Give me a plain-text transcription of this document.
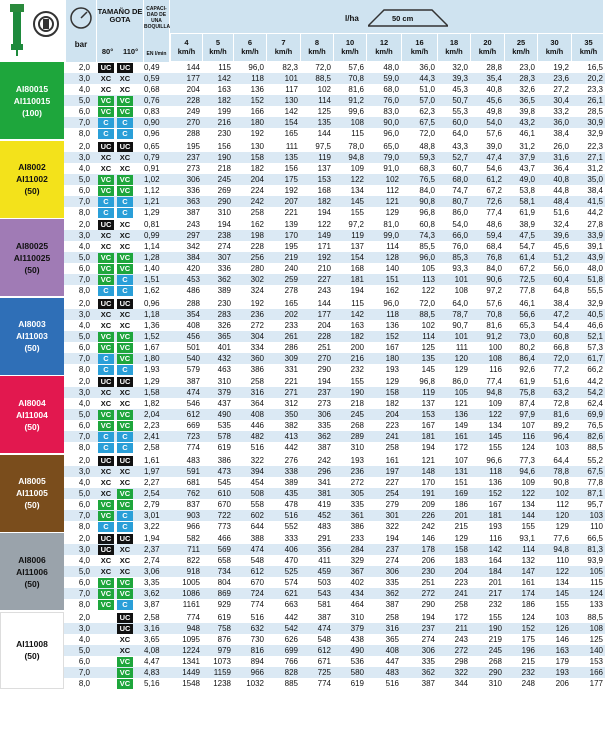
bar
TAMAÑO DE GOTA
80° 110°
CAPACI-DAD DE UNA BOQUILLA
EN l/min
l/ha	50 cm
4
km/h
5
km/h
6
km/h
7
km/h
8
km/h
10
km/h
12
km/h
16
km/h
18
km/h
20
km/h
25
km/h
30
km/h
35
km/h
AI80015
AI110015
(100)
2,0	UC	UC	0,49	144	115	96,0	82,3	72,0	57,6	48,0	36,0	32,0	28,8	23,0	19,2	16,5
3,0	XC	XC	0,59	177	142	118	101	88,5	70,8	59,0	44,3	39,3	35,4	28,3	23,6	20,2
4,0	XC	XC	0,68	204	163	136	117	102	81,6	68,0	51,0	45,3	40,8	32,6	27,2	23,3
5,0	VC	VC	0,76	228	182	152	130	114	91,2	76,0	57,0	50,7	45,6	36,5	30,4	26,1
6,0	VC	VC	0,83	249	199	166	142	125	99,6	83,0	62,3	55,3	49,8	39,8	33,2	28,5
7,0	C	C	0,90	270	216	180	154	135	108	90,0	67,5	60,0	54,0	43,2	36,0	30,9
8,0	C	C	0,96	288	230	192	165	144	115	96,0	72,0	64,0	57,6	46,1	38,4	32,9
AI8002
AI11002
(50)
2,0	UC	UC	0,65	195	156	130	111	97,5	78,0	65,0	48,8	43,3	39,0	31,2	26,0	22,3
3,0	XC	XC	0,79	237	190	158	135	119	94,8	79,0	59,3	52,7	47,4	37,9	31,6	27,1
4,0	XC	XC	0,91	273	218	182	156	137	109	91,0	68,3	60,7	54,6	43,7	36,4	31,2
5,0	VC	VC	1,02	306	245	204	175	153	122	102	76,5	68,0	61,2	49,0	40,8	35,0
6,0	VC	VC	1,12	336	269	224	192	168	134	112	84,0	74,7	67,2	53,8	44,8	38,4
7,0	C	C	1,21	363	290	242	207	182	145	121	90,8	80,7	72,6	58,1	48,4	41,5
8,0	C	C	1,29	387	310	258	221	194	155	129	96,8	86,0	77,4	61,9	51,6	44,2
AI80025
AI110025
(50)
2,0	UC	XC	0,81	243	194	162	139	122	97,2	81,0	60,8	54,0	48,6	38,9	32,4	27,8
3,0	XC	XC	0,99	297	238	198	170	149	119	99,0	74,3	66,0	59,4	47,5	39,6	33,9
4,0	XC	XC	1,14	342	274	228	195	171	137	114	85,5	76,0	68,4	54,7	45,6	39,1
5,0	VC	VC	1,28	384	307	256	219	192	154	128	96,0	85,3	76,8	61,4	51,2	43,9
6,0	VC	VC	1,40	420	336	280	240	210	168	140	105	93,3	84,0	67,2	56,0	48,0
7,0	VC	C	1,51	453	362	302	259	227	181	151	113	101	90,6	72,5	60,4	51,8
8,0	C	C	1,62	486	389	324	278	243	194	162	122	108	97,2	77,8	64,8	55,5
AI8003
AI11003
(50)
2,0	UC	UC	0,96	288	230	192	165	144	115	96,0	72,0	64,0	57,6	46,1	38,4	32,9
3,0	XC	XC	1,18	354	283	236	202	177	142	118	88,5	78,7	70,8	56,6	47,2	40,5
4,0	XC	XC	1,36	408	326	272	233	204	163	136	102	90,7	81,6	65,3	54,4	46,6
5,0	VC	VC	1,52	456	365	304	261	228	182	152	114	101	91,2	73,0	60,8	52,1
6,0	VC	VC	1,67	501	401	334	286	251	200	167	125	111	100	80,2	66,8	57,3
7,0	C	VC	1,80	540	432	360	309	270	216	180	135	120	108	86,4	72,0	61,7
8,0	C	C	1,93	579	463	386	331	290	232	193	145	129	116	92,6	77,2	66,2
AI8004
AI11004
(50)
2,0	UC	UC	1,29	387	310	258	221	194	155	129	96,8	86,0	77,4	61,9	51,6	44,2
3,0	XC	XC	1,58	474	379	316	271	237	190	158	119	105	94,8	75,8	63,2	54,2
4,0	XC	XC	1,82	546	437	364	312	273	218	182	137	121	109	87,4	72,8	62,4
5,0	VC	VC	2,04	612	490	408	350	306	245	204	153	136	122	97,9	81,6	69,9
6,0	VC	VC	2,23	669	535	446	382	335	268	223	167	149	134	107	89,2	76,5
7,0	C	C	2,41	723	578	482	413	362	289	241	181	161	145	116	96,4	82,6
8,0	C	C	2,58	774	619	516	442	387	310	258	194	172	155	124	103	88,5
AI8005
AI11005
(50)
2,0	UC	UC	1,61	483	386	322	276	242	193	161	121	107	96,6	77,3	64,4	55,2
3,0	XC	XC	1,97	591	473	394	338	296	236	197	148	131	118	94,6	78,8	67,5
4,0	XC	XC	2,27	681	545	454	389	341	272	227	170	151	136	109	90,8	77,8
5,0	XC	VC	2,54	762	610	508	435	381	305	254	191	169	152	122	102	87,1
6,0	VC	VC	2,79	837	670	558	478	419	335	279	209	186	167	134	112	95,7
7,0	VC	C	3,01	903	722	602	516	452	361	301	226	201	181	144	120	103
8,0	C	C	3,22	966	773	644	552	483	386	322	242	215	193	155	129	110
AI8006
AI11006
(50)
2,0	UC	UC	1,94	582	466	388	333	291	233	194	146	129	116	93,1	77,6	66,5
3,0	UC	XC	2,37	711	569	474	406	356	284	237	178	158	142	114	94,8	81,3
4,0	XC	XC	2,74	822	658	548	470	411	329	274	206	183	164	132	110	93,9
5,0	XC	XC	3,06	918	734	612	525	459	367	306	230	204	184	147	122	105
6,0	VC	VC	3,35	1005	804	670	574	503	402	335	251	223	201	161	134	115
7,0	VC	VC	3,62	1086	869	724	621	543	434	362	272	241	217	174	145	124
8,0	VC	C	3,87	1161	929	774	663	581	464	387	290	258	232	186	155	133
AI11008
(50)
2,0	UC	2,58	774	619	516	442	387	310	258	194	172	155	124	103	88,5
3,0	UC	3,16	948	758	632	542	474	379	316	237	211	190	152	126	108
4,0	XC	3,65	1095	876	730	626	548	438	365	274	243	219	175	146	125
5,0	XC	4,08	1224	979	816	699	612	490	408	306	272	245	196	163	140
6,0	VC	4,47	1341	1073	894	766	671	536	447	335	298	268	215	179	153
7,0	VC	4,83	1449	1159	966	828	725	580	483	362	322	290	232	193	166
8,0	VC	5,16	1548	1238	1032	885	774	619	516	387	344	310	248	206	177
